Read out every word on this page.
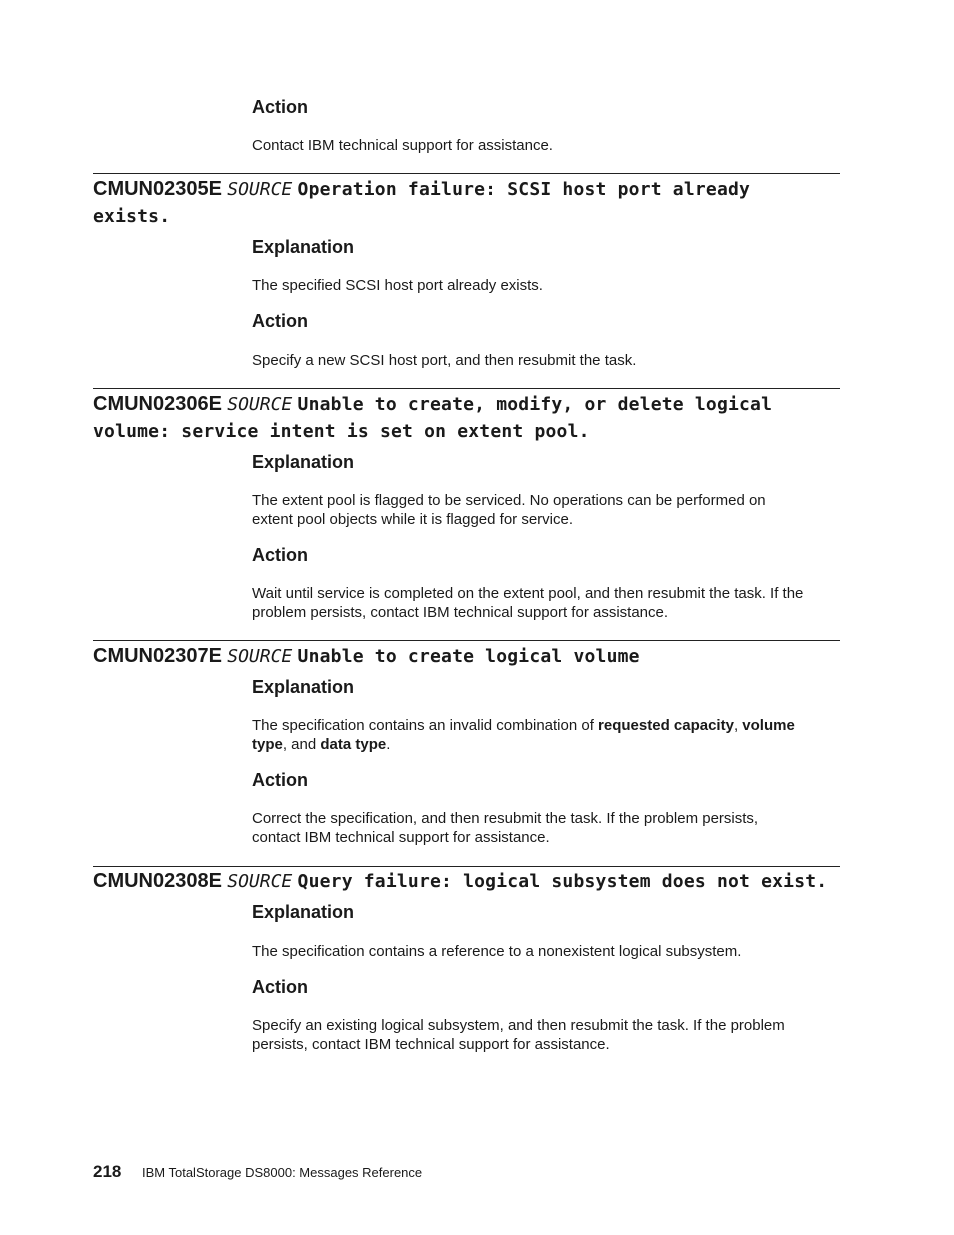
Action

Contact IBM technical support for assistance.

CMUN02305E SOURCE Operation failure: SCSI host port already
exists.
Explanation

The specified SCSI host port already exists.

Action

Specify a new SCSI host port, and then resubmit the task.

CMUN02306E SOURCE Unable to create, modify, or delete logical
volume: service intent is set on extent pool.
Explanation

The extent pool is flagged to be serviced. No operations can be performed on
extent pool objects while it is flagged for service.

Action

Wait until service is completed on the extent pool, and then resubmit the task. If the
problem persists, contact IBM technical support for assistance.

CMUN02307E SOURCE Unable to create logical volume
Explanation

The specification contains an invalid combination of requested capacity, volume
type, and data type.

Action

Correct the specification, and then resubmit the task. If the problem persists,
contact IBM technical support for assistance.

CMUN02308E SOURCE Query failure: logical subsystem does not exist.
Explanation

The specification contains a reference to a nonexistent logical subsystem.

Action

Specify an existing logical subsystem, and then resubmit the task. If the problem
persists, contact IBM technical support for assistance.

218 IBM TotalStorage DS8000: Messages Reference
